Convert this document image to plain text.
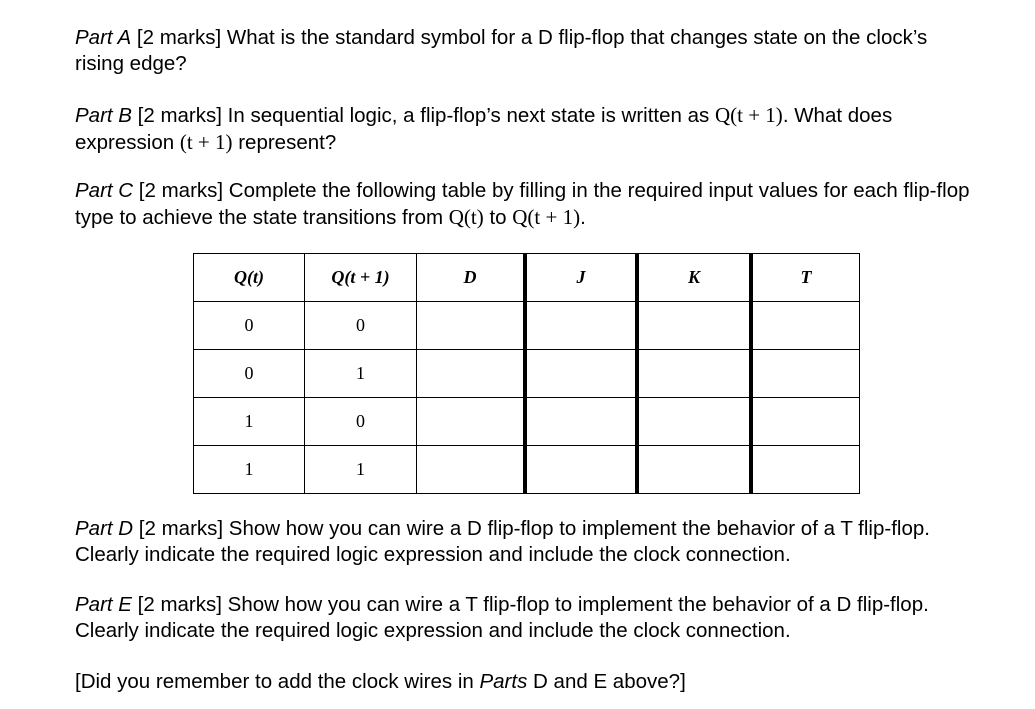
Part A [2 marks] What is the standard symbol for a D flip-flop that changes state on the clock’s rising edge?

Part B [2 marks] In sequential logic, a flip-flop’s next state is written as Q(t + 1). What does expression (t + 1) represent?

Part C [2 marks] Complete the following table by filling in the required input values for each flip-flop type to achieve the state transitions from Q(t) to Q(t + 1).

Q(t)	Q(t + 1)	D	J	K	T
0	0				
0	1				
1	0				
1	1				

Part D [2 marks] Show how you can wire a D flip-flop to implement the behavior of a T flip-flop. Clearly indicate the required logic expression and include the clock connection.

Part E [2 marks] Show how you can wire a T flip-flop to implement the behavior of a D flip-flop. Clearly indicate the required logic expression and include the clock connection.

[Did you remember to add the clock wires in Parts D and E above?]
